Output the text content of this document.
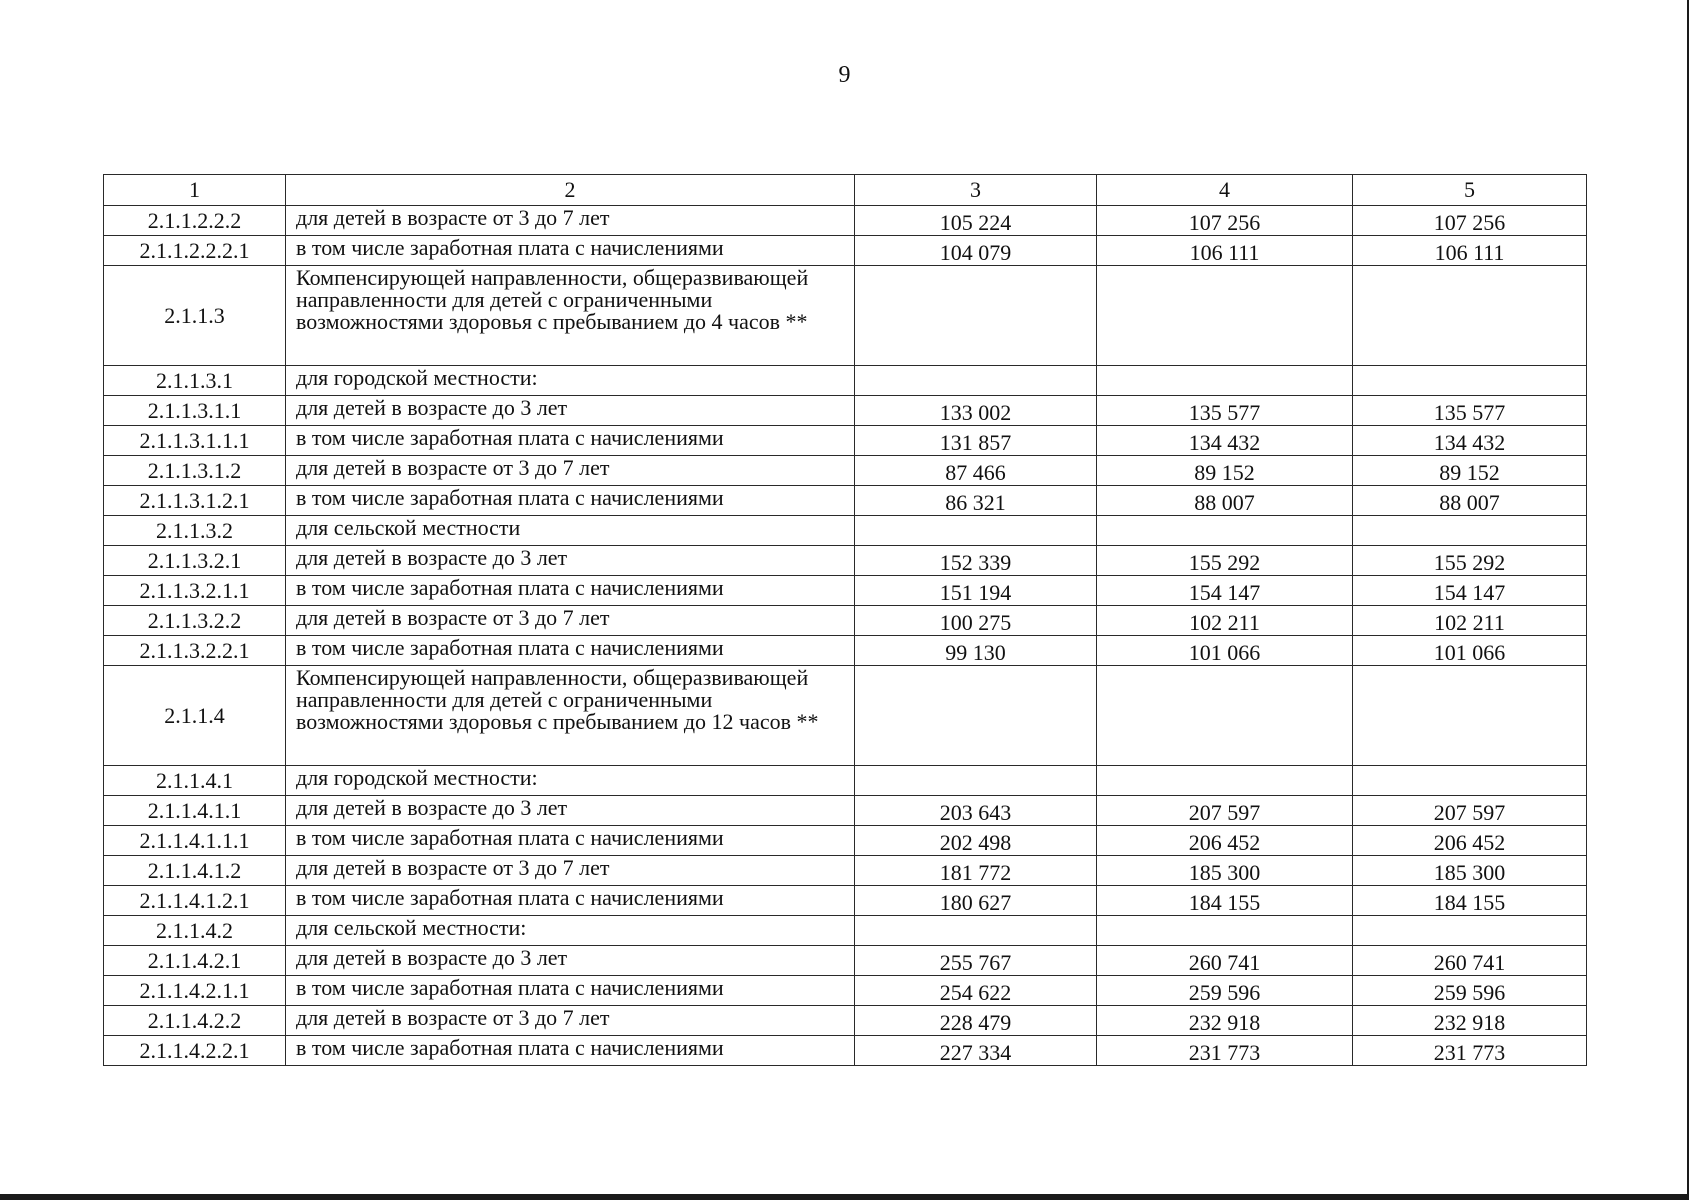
9
1	2	3	4	5
2.1.1.2.2.2	для детей в возрасте от 3 до 7 лет	105 224	107 256	107 256
2.1.1.2.2.2.1	в том числе заработная плата с начислениями	104 079	106 111	106 111
2.1.1.3	Компенсирующей направленности, общеразвивающей направленности для детей с ограниченными возможностями здоровья с пребыванием до 4 часов **			
2.1.1.3.1	для городской местности:			
2.1.1.3.1.1	для детей в возрасте до 3 лет	133 002	135 577	135 577
2.1.1.3.1.1.1	в том числе заработная плата с начислениями	131 857	134 432	134 432
2.1.1.3.1.2	для детей в возрасте от 3 до 7 лет	87 466	89 152	89 152
2.1.1.3.1.2.1	в том числе заработная плата с начислениями	86 321	88 007	88 007
2.1.1.3.2	для сельской местности			
2.1.1.3.2.1	для детей в возрасте до 3 лет	152 339	155 292	155 292
2.1.1.3.2.1.1	в том числе заработная плата с начислениями	151 194	154 147	154 147
2.1.1.3.2.2	для детей в возрасте от 3 до 7 лет	100 275	102 211	102 211
2.1.1.3.2.2.1	в том числе заработная плата с начислениями	99 130	101 066	101 066
2.1.1.4	Компенсирующей направленности, общеразвивающей направленности для детей с ограниченными возможностями здоровья с пребыванием до 12 часов **			
2.1.1.4.1	для городской местности:			
2.1.1.4.1.1	для детей в возрасте до 3 лет	203 643	207 597	207 597
2.1.1.4.1.1.1	в том числе заработная плата с начислениями	202 498	206 452	206 452
2.1.1.4.1.2	для детей в возрасте от 3 до 7 лет	181 772	185 300	185 300
2.1.1.4.1.2.1	в том числе заработная плата с начислениями	180 627	184 155	184 155
2.1.1.4.2	для сельской местности:			
2.1.1.4.2.1	для детей в возрасте до 3 лет	255 767	260 741	260 741
2.1.1.4.2.1.1	в том числе заработная плата с начислениями	254 622	259 596	259 596
2.1.1.4.2.2	для детей в возрасте от 3 до 7 лет	228 479	232 918	232 918
2.1.1.4.2.2.1	в том числе заработная плата с начислениями	227 334	231 773	231 773
